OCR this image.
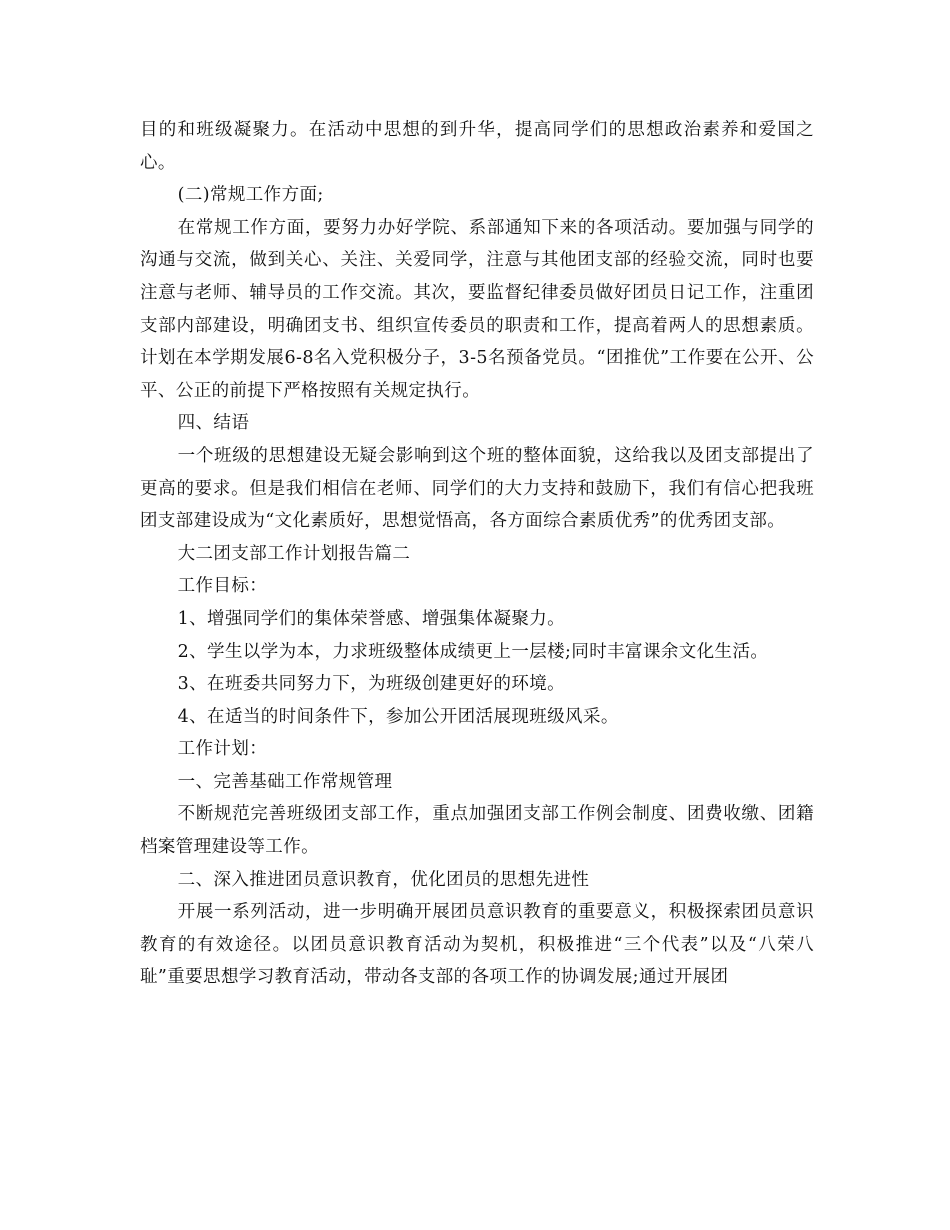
目的和班级凝聚力。在活动中思想的到升华，提高同学们的思想政治素养和爱国之心。

(二)常规工作方面;

在常规工作方面，要努力办好学院、系部通知下来的各项活动。要加强与同学的沟通与交流，做到关心、关注、关爱同学，注意与其他团支部的经验交流，同时也要注意与老师、辅导员的工作交流。其次，要监督纪律委员做好团员日记工作，注重团支部内部建设，明确团支书、组织宣传委员的职责和工作，提高着两人的思想素质。计划在本学期发展6-8名入党积极分子，3-5名预备党员。“团推优”工作要在公开、公平、公正的前提下严格按照有关规定执行。

四、结语

一个班级的思想建设无疑会影响到这个班的整体面貌，这给我以及团支部提出了更高的要求。但是我们相信在老师、同学们的大力支持和鼓励下，我们有信心把我班团支部建设成为“文化素质好，思想觉悟高，各方面综合素质优秀”的优秀团支部。

大二团支部工作计划报告篇二

工作目标：

1、增强同学们的集体荣誉感、增强集体凝聚力。

2、学生以学为本，力求班级整体成绩更上一层楼;同时丰富课余文化生活。

3、在班委共同努力下，为班级创建更好的环境。

4、在适当的时间条件下，参加公开团活展现班级风采。

工作计划：

一、完善基础工作常规管理

不断规范完善班级团支部工作，重点加强团支部工作例会制度、团费收缴、团籍档案管理建设等工作。

二、深入推进团员意识教育，优化团员的思想先进性

开展一系列活动，进一步明确开展团员意识教育的重要意义，积极探索团员意识教育的有效途径。以团员意识教育活动为契机，积极推进“三个代表”以及“八荣八耻”重要思想学习教育活动，带动各支部的各项工作的协调发展;通过开展团
